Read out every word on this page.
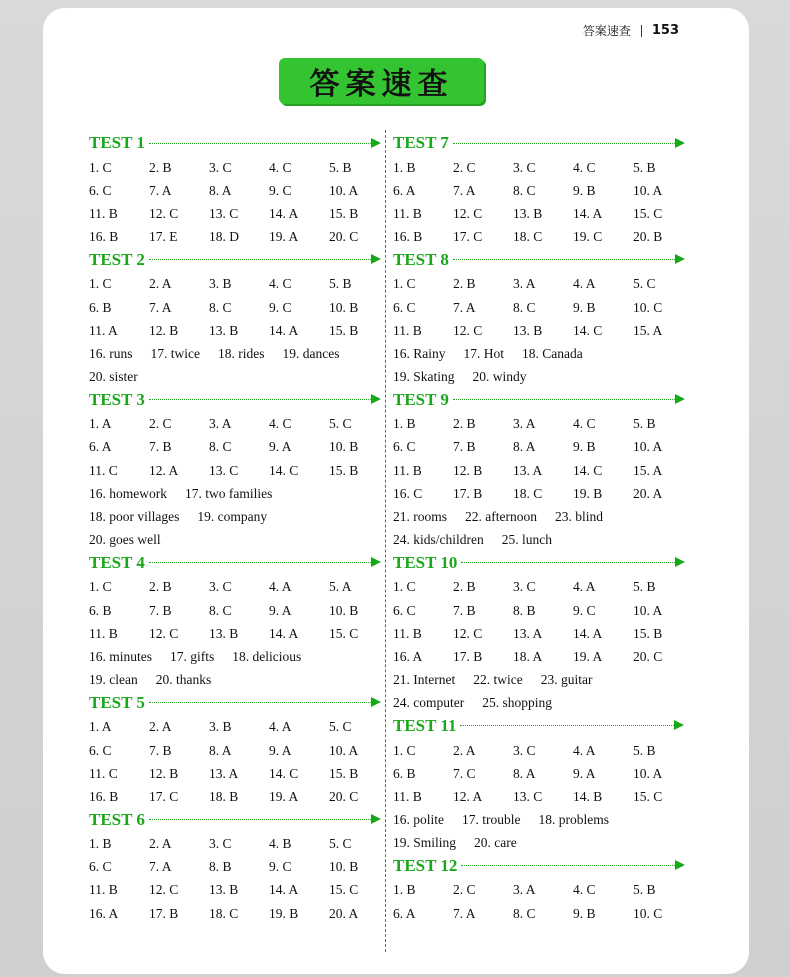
答案速查 153
答案速查
TEST 1
1. C	2. B	3. C	4. C	5. B
6. C	7. A	8. A	9. C	10. A
11. B	12. C	13. C	14. A	15. B
16. B	17. E	18. D	19. A	20. C
TEST 2
1. C	2. A	3. B	4. C	5. B
6. B	7. A	8. C	9. C	10. B
11. A	12. B	13. B	14. A	15. B
16. runs 17. twice 18. rides 19. dances
20. sister
TEST 3
1. A	2. C	3. A	4. C	5. C
6. A	7. B	8. C	9. A	10. B
11. C	12. A	13. C	14. C	15. B
16. homework 17. two families
18. poor villages 19. company
20. goes well
TEST 4
1. C	2. B	3. C	4. A	5. A
6. B	7. B	8. C	9. A	10. B
11. B	12. C	13. B	14. A	15. C
16. minutes 17. gifts 18. delicious
19. clean 20. thanks
TEST 5
1. A	2. A	3. B	4. A	5. C
6. C	7. B	8. A	9. A	10. A
11. C	12. B	13. A	14. C	15. B
16. B	17. C	18. B	19. A	20. C
TEST 6
1. B	2. A	3. C	4. B	5. C
6. C	7. A	8. B	9. C	10. B
11. B	12. C	13. B	14. A	15. C
16. A	17. B	18. C	19. B	20. A
TEST 7
1. B	2. C	3. C	4. C	5. B
6. A	7. A	8. C	9. B	10. A
11. B	12. C	13. B	14. A	15. C
16. B	17. C	18. C	19. C	20. B
TEST 8
1. C	2. B	3. A	4. A	5. C
6. C	7. A	8. C	9. B	10. C
11. B	12. C	13. B	14. C	15. A
16. Rainy 17. Hot 18. Canada
19. Skating 20. windy
TEST 9
1. B	2. B	3. A	4. C	5. B
6. C	7. B	8. A	9. B	10. A
11. B	12. B	13. A	14. C	15. A
16. C	17. B	18. C	19. B	20. A
21. rooms 22. afternoon 23. blind
24. kids/children 25. lunch
TEST 10
1. C	2. B	3. C	4. A	5. B
6. C	7. B	8. B	9. C	10. A
11. B	12. C	13. A	14. A	15. B
16. A	17. B	18. A	19. A	20. C
21. Internet 22. twice 23. guitar
24. computer 25. shopping
TEST 11
1. C	2. A	3. C	4. A	5. B
6. B	7. C	8. A	9. A	10. A
11. B	12. A	13. C	14. B	15. C
16. polite 17. trouble 18. problems
19. Smiling 20. care
TEST 12
1. B	2. C	3. A	4. C	5. B
6. A	7. A	8. C	9. B	10. C
